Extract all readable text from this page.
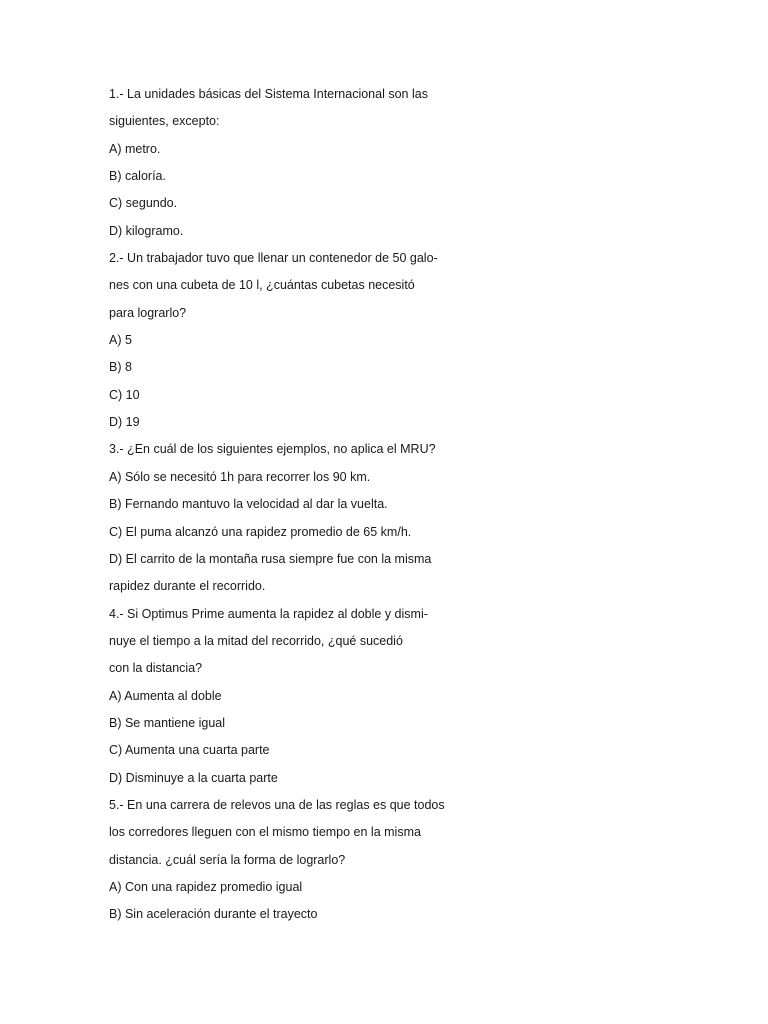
1.- La unidades básicas del Sistema Internacional son las
siguientes, excepto:
A) metro.
B) caloría.
C) segundo.
D) kilogramo.
2.- Un trabajador tuvo que llenar un contenedor de 50 galo-
nes con una cubeta de 10 l, ¿cuántas cubetas necesitó
para lograrlo?
A) 5
B) 8
C) 10
D) 19
3.- ¿En cuál de los siguientes ejemplos, no aplica el MRU?
A) Sólo se necesitó 1h para recorrer los 90 km.
B) Fernando mantuvo la velocidad al dar la vuelta.
C) El puma alcanzó una rapidez promedio de 65 km/h.
D) El carrito de la montaña rusa siempre fue con la misma
rapidez durante el recorrido.
4.- Si Optimus Prime aumenta la rapidez al doble y dismi-
nuye el tiempo a la mitad del recorrido, ¿qué sucedió
con la distancia?
A) Aumenta al doble
B) Se mantiene igual
C) Aumenta una cuarta parte
D) Disminuye a la cuarta parte
5.- En una carrera de relevos una de las reglas es que todos
los corredores lleguen con el mismo tiempo en la misma
distancia. ¿cuál sería la forma de lograrlo?
A) Con una rapidez promedio igual
B) Sin aceleración durante el trayecto
